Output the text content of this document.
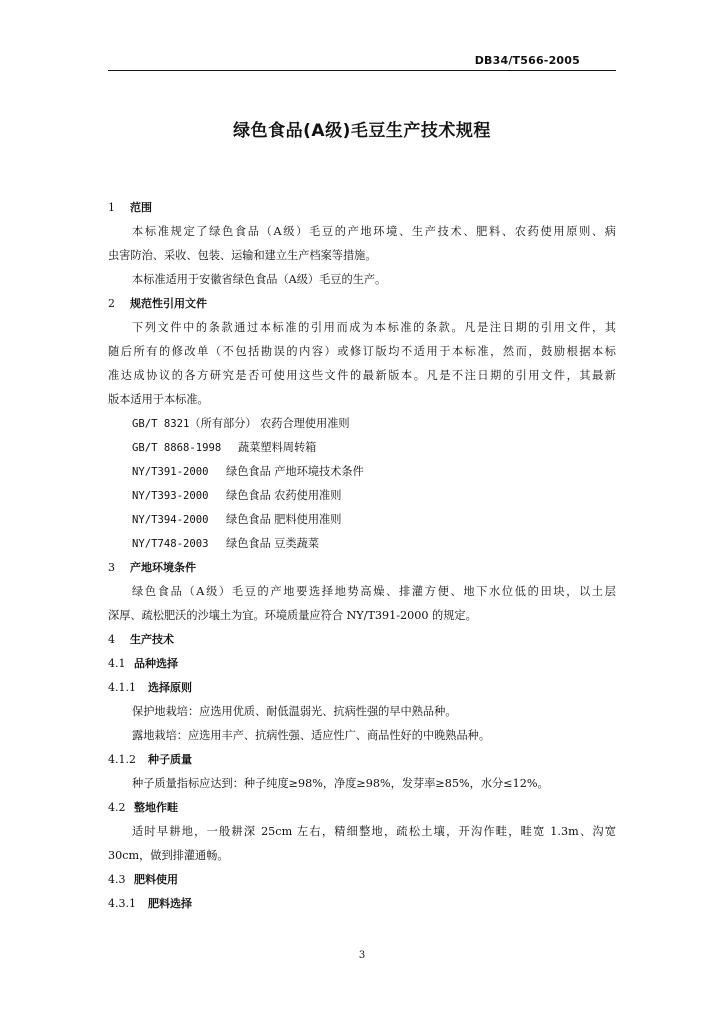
DB34/T566-2005
绿色食品(A级)毛豆生产技术规程
1 范围
本标准规定了绿色食品（A级）毛豆的产地环境、生产技术、肥料、农药使用原则、病
虫害防治、采收、包装、运输和建立生产档案等措施。
本标准适用于安徽省绿色食品（A级）毛豆的生产。
2 规范性引用文件
下列文件中的条款通过本标准的引用而成为本标准的条款。凡是注日期的引用文件，其
随后所有的修改单（不包括勘误的内容）或修订版均不适用于本标准，然而，鼓励根据本标
准达成协议的各方研究是否可使用这些文件的最新版本。凡是不注日期的引用文件，其最新
版本适用于本标准。
GB/T 8321（所有部分） 农药合理使用准则
GB/T 8868-1998 蔬菜塑料周转箱
NY/T391-2000 绿色食品 产地环境技术条件
NY/T393-2000 绿色食品 农药使用准则
NY/T394-2000 绿色食品 肥料使用准则
NY/T748-2003 绿色食品 豆类蔬菜
3 产地环境条件
绿色食品（A级）毛豆的产地要选择地势高燥、排灌方便、地下水位低的田块，以土层
深厚、疏松肥沃的沙壤土为宜。环境质量应符合 NY/T391-2000 的规定。
4 生产技术
4.1 品种选择
4.1.1 选择原则
保护地栽培：应选用优质、耐低温弱光、抗病性强的早中熟品种。
露地栽培：应选用丰产、抗病性强、适应性广、商品性好的中晚熟品种。
4.1.2 种子质量
种子质量指标应达到：种子纯度≥98%，净度≥98%，发芽率≥85%，水分≤12%。
4.2 整地作畦
适时早耕地，一般耕深 25cm 左右，精细整地，疏松土壤，开沟作畦，畦宽 1.3m、沟宽
30cm，做到排灌通畅。
4.3 肥料使用
4.3.1 肥料选择
3
